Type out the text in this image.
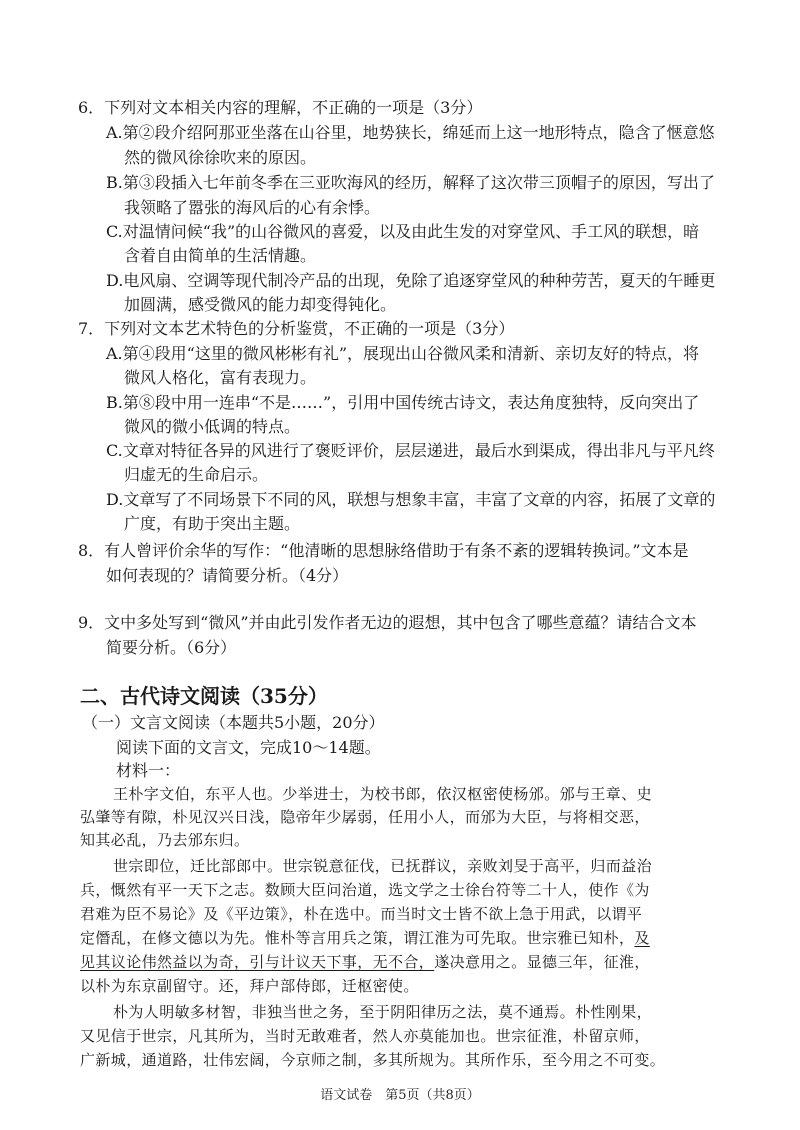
6．下列对文本相关内容的理解，不正确的一项是（3分）
A.第②段介绍阿那亚坐落在山谷里，地势狭长，绵延而上这一地形特点，隐含了惬意悠
然的微风徐徐吹来的原因。
B.第③段插入七年前冬季在三亚吹海风的经历，解释了这次带三顶帽子的原因，写出了
我领略了嚣张的海风后的心有余悸。
C.对温情问候“我”的山谷微风的喜爱，以及由此生发的对穿堂风、手工风的联想，暗
含着自由简单的生活情趣。
D.电风扇、空调等现代制冷产品的出现，免除了追逐穿堂风的种种劳苦，夏天的午睡更
加圆满，感受微风的能力却变得钝化。
7．下列对文本艺术特色的分析鉴赏，不正确的一项是（3分）
A.第④段用“这里的微风彬彬有礼”，展现出山谷微风柔和清新、亲切友好的特点，将
微风人格化，富有表现力。
B.第⑧段中用一连串“不是……”，引用中国传统古诗文，表达角度独特，反向突出了
微风的微小低调的特点。
C.文章对特征各异的风进行了褒贬评价，层层递进，最后水到渠成，得出非凡与平凡终
归虚无的生命启示。
D.文章写了不同场景下不同的风，联想与想象丰富，丰富了文章的内容，拓展了文章的
广度，有助于突出主题。
8．有人曾评价余华的写作：“他清晰的思想脉络借助于有条不紊的逻辑转换词。”文本是
如何表现的？请简要分析。（4分）
9．文中多处写到“微风”并由此引发作者无边的遐想，其中包含了哪些意蕴？请结合文本
简要分析。（6分）
二、古代诗文阅读（35分）
（一）文言文阅读（本题共5小题，20分）
阅读下面的文言文，完成10～14题。
材料一：
王朴字文伯，东平人也。少举进士，为校书郎，依汉枢密使杨邠。邠与王章、史
弘肇等有隙，朴见汉兴日浅，隐帝年少孱弱，任用小人，而邠为大臣，与将相交恶，
知其必乱，乃去邠东归。
世宗即位，迁比部郎中。世宗锐意征伐，已抚群议，亲败刘旻于高平，归而益治
兵，慨然有平一天下之志。数顾大臣问治道，选文学之士徐台符等二十人，使作《为
君难为臣不易论》及《平边策》，朴在选中。而当时文士皆不欲上急于用武，以谓平
定僭乱，在修文德以为先。惟朴等言用兵之策，谓江淮为可先取。世宗雅已知朴，及
见其议论伟然益以为奇，引与计议天下事，无不合，遂决意用之。显德三年，征淮，
以朴为东京副留守。还，拜户部侍郎，迁枢密使。
朴为人明敏多材智，非独当世之务，至于阴阳律历之法，莫不通焉。朴性刚果，
又见信于世宗，凡其所为，当时无敢难者，然人亦莫能加也。世宗征淮，朴留京师，
广新城，通道路，壮伟宏阔，今京师之制，多其所规为。其所作乐，至今用之不可变。
语文试卷　第5页（共8页）
